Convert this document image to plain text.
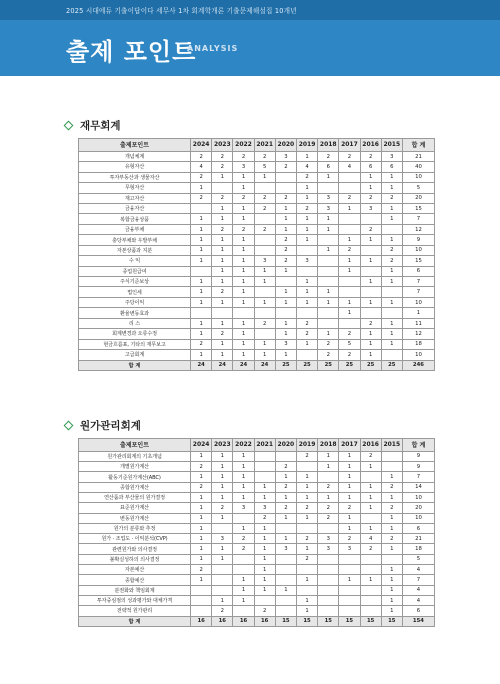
2025 시대에듀 기출이답이다 세무사 1차 회계학개론 기출문제해설집 10개년
출제 포인트
ANALYSIS
재무회계
출제포인트	2024	2023	2022	2021	2020	2019	2018	2017	2016	2015	합 계
개념체계	2	2	2	2	3	1	2	2	2	3	21
유형자산	4	2	3	5	2	4	6	4	6	6	40
투자부동산과 생물자산	2	1	1	1		2	1		1	1	10
무형자산	1		1			1			1	1	5
재고자산	2	2	2	2	2	1	3	2	2	2	20
금융자산		1	1	2	1	2	3	1	3	1	15
복합금융상품	1	1	1		1	1	1			1	7
금융부채	1	2	2	2	1	1	1		2		12
충당부채와 우발부채	1	1	1		2	1		1	1	1	9
자본상품과 지분	1	1	1		2		1	2		2	10
수 익	1	1	1	3	2	3		1	1	2	15
종업원급여		1	1	1	1			1		1	6
주식기준보상	1	1	1	1		1			1	1	7
법인세	1	2	1		1	1	1				7
주당이익	1	1	1	1	1	1	1	1	1	1	10
환율변동효과								1			1
리 스	1	1	1	2	1	2			2	1	11
회계변경과 오류수정	1	2	1		1	2	1	2	1	1	12
현금흐름표, 기타의 재무보고	2	1	1	1	3	1	2	5	1	1	18
고급회계	1	1	1	1	1		2	2	1		10
합 계	24	24	24	24	25	25	25	25	25	25	246
원가관리회계
출제포인트	2024	2023	2022	2021	2020	2019	2018	2017	2016	2015	합 계
원가관리회계의 기초개념	1	1	1			2	1	1	2		9
개별원가계산	2	1	1		2		1	1	1		9
활동기준원가계산(ABC)	1	1	1		1	1		1		1	7
종합원가계산	2	1	1	1	2	1	2	1	1	2	14
연산품과 부산물의 원가결정	1	1	1	1	1	1	1	1	1	1	10
표준원가계산	1	2	3	3	2	2	2	2	1	2	20
변동원가계산	1	1		2	1	1	2	1		1	10
원가의 분류와 추정	1		1	1				1	1	1	6
원가 · 조업도 · 이익분석(CVP)	1	3	2	1	1	2	3	2	4	2	21
관련원가와 의사결정	1	1	2	1	3	1	3	3	2	1	18
불확실성하의 의사결정	1	1		1		2					5
자본예산	2			1						1	4
종합예산	1		1	1		1		1	1	1	7
분권화와 책임회계			1	1	1					1	4
투자중심점의 성과평가와 대체가격		1	1			1				1	4
전략적 원가관리		2		2		1				1	6
합 계	16	16	16	16	15	15	15	15	15	15	154
